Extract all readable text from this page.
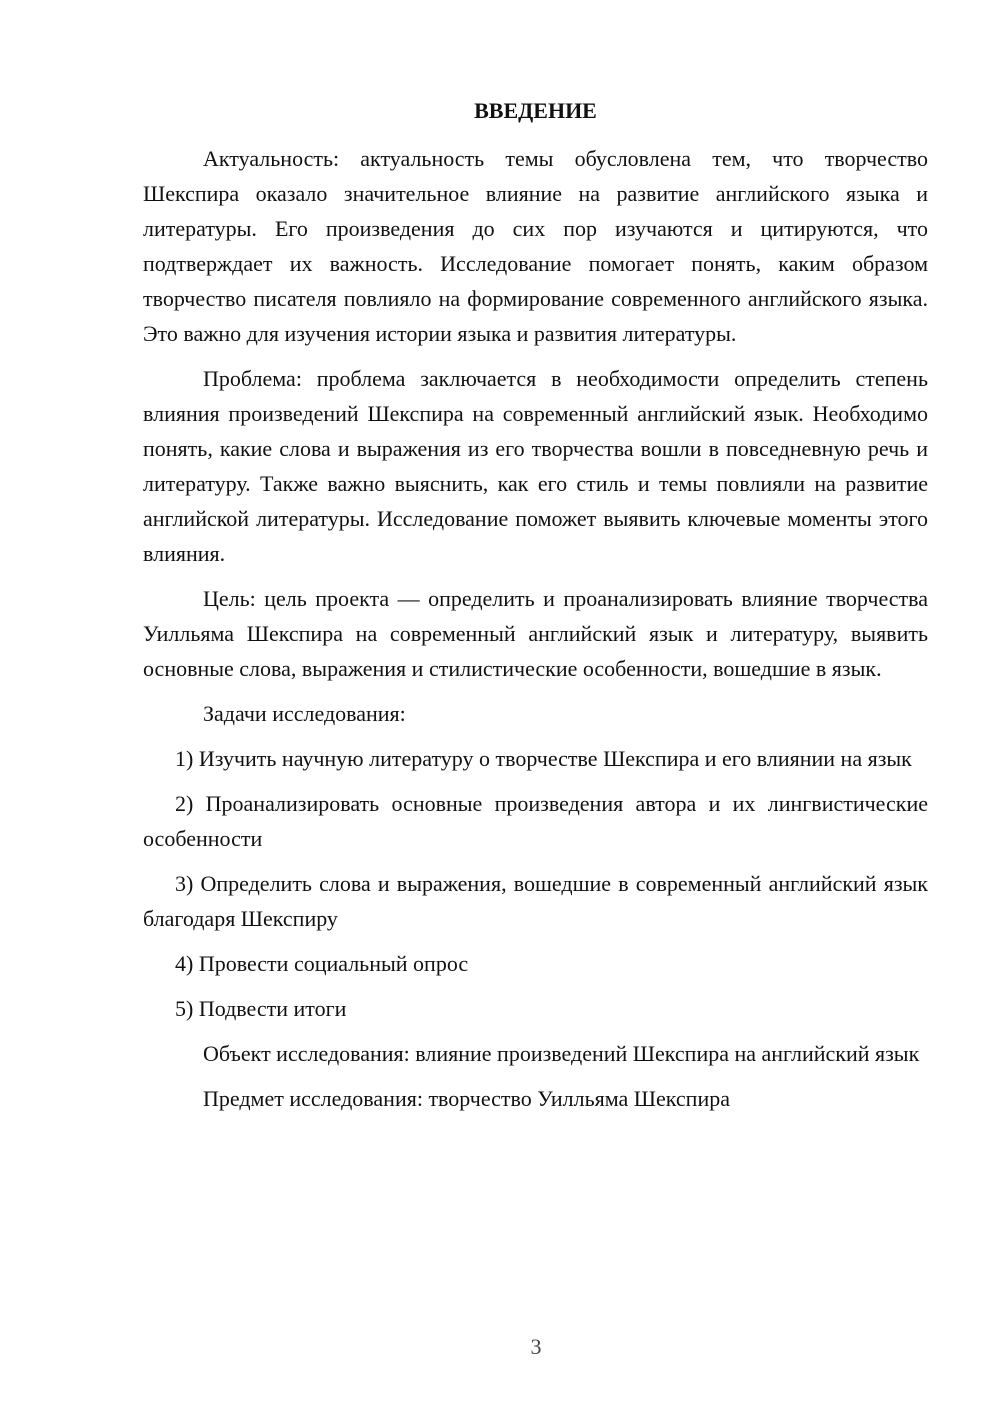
ВВЕДЕНИЕ

Актуальность: актуальность темы обусловлена тем, что творчество Шекспира оказало значительное влияние на развитие английского языка и литературы. Его произведения до сих пор изучаются и цитируются, что подтверждает их важность. Исследование помогает понять, каким образом творчество писателя повлияло на формирование современного английского языка. Это важно для изучения истории языка и развития литературы.

Проблема: проблема заключается в необходимости определить степень влияния произведений Шекспира на современный английский язык. Необходимо понять, какие слова и выражения из его творчества вошли в повседневную речь и литературу. Также важно выяснить, как его стиль и темы повлияли на развитие английской литературы. Исследование поможет выявить ключевые моменты этого влияния.

Цель: цель проекта — определить и проанализировать влияние творчества Уилльяма Шекспира на современный английский язык и литературу, выявить основные слова, выражения и стилистические особенности, вошедшие в язык.

Задачи исследования:

1) Изучить научную литературу о творчестве Шекспира и его влиянии на язык

2) Проанализировать основные произведения автора и их лингвистические особенности

3) Определить слова и выражения, вошедшие в современный английский язык благодаря Шекспиру

4) Провести социальный опрос

5) Подвести итоги

Объект исследования: влияние произведений Шекспира на английский язык

Предмет исследования: творчество Уилльяма Шекспира

3
